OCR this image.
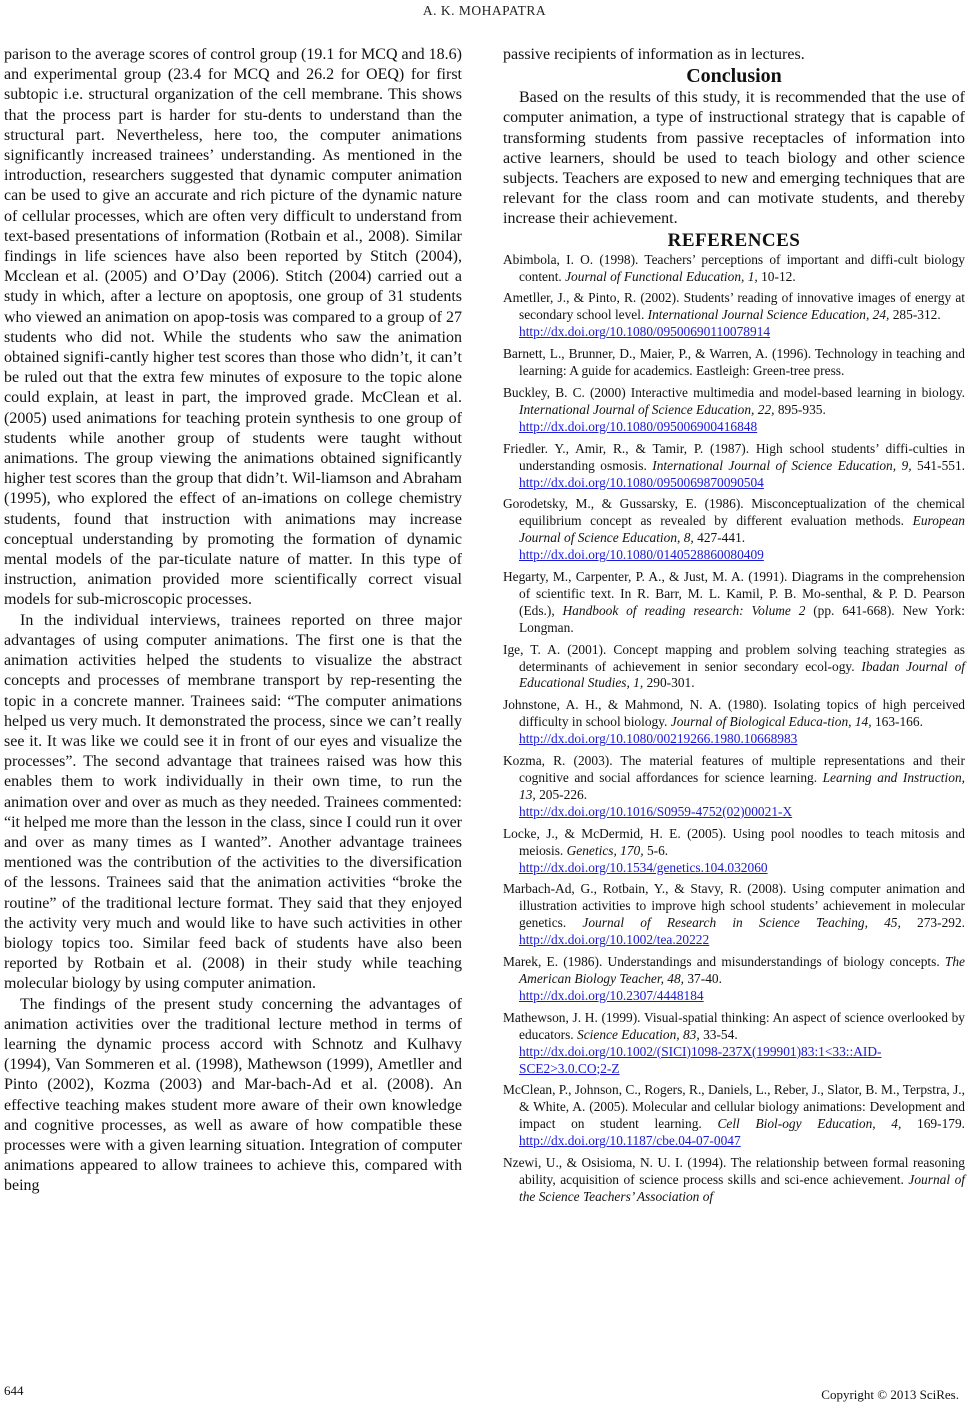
A. K. MOHAPATRA

parison to the average scores of control group (19.1 for MCQ and 18.6) and experimental group (23.4 for MCQ and 26.2 for OEQ) for first subtopic i.e. structural organization of the cell membrane. This shows that the process part is harder for stu-dents to understand than the structural part. Nevertheless, here too, the computer animations significantly increased trainees’ understanding. As mentioned in the introduction, researchers suggested that dynamic computer animation can be used to give an accurate and rich picture of the dynamic nature of cellular processes, which are often very difficult to understand from text-based presentations of information (Rotbain et al., 2008). Similar findings in life sciences have also been reported by Stitch (2004), Mcclean et al. (2005) and O’Day (2006). Stitch (2004) carried out a study in which, after a lecture on apoptosis, one group of 31 students who viewed an animation on apop-tosis was compared to a group of 27 students who did not. While the students who saw the animation obtained signifi-cantly higher test scores than those who didn’t, it can’t be ruled out that the extra few minutes of exposure to the topic alone could explain, at least in part, the improved grade. McClean et al. (2005) used animations for teaching protein synthesis to one group of students while another group of students were taught without animations. The group viewing the animations obtained significantly higher test scores than the group that didn’t. Wil-liamson and Abraham (1995), who explored the effect of an-imations on college chemistry students, found that instruction with animations may increase conceptual understanding by promoting the formation of dynamic mental models of the par-ticulate nature of matter. In this type of instruction, animation provided more scientifically correct visual models for sub-microscopic processes.

In the individual interviews, trainees reported on three major advantages of using computer animations. The first one is that the animation activities helped the students to visualize the abstract concepts and processes of membrane transport by rep-resenting the topic in a concrete manner. Trainees said: “The computer animations helped us very much. It demonstrated the process, since we can’t really see it. It was like we could see it in front of our eyes and visualize the processes”. The second advantage that trainees raised was how this enables them to work individually in their own time, to run the animation over and over as much as they needed. Trainees commented: “it helped me more than the lesson in the class, since I could run it over and over as many times as I wanted”. Another advantage trainees mentioned was the contribution of the activities to the diversification of the lessons. Trainees said that the animation activities “broke the routine” of the traditional lecture format. They said that they enjoyed the activity very much and would like to have such activities in other biology topics too. Similar feed back of students have also been reported by Rotbain et al. (2008) in their study while teaching molecular biology by using computer animation.

The findings of the present study concerning the advantages of animation activities over the traditional lecture method in terms of learning the dynamic process accord with Schnotz and Kulhavy (1994), Van Sommeren et al. (1998), Mathewson (1999), Ametller and Pinto (2002), Kozma (2003) and Mar-bach-Ad et al. (2008). An effective teaching makes student more aware of their own knowledge and cognitive processes, as well as aware of how compatible these processes were with a given learning situation. Integration of computer animations appeared to allow trainees to achieve this, compared with being

passive recipients of information as in lectures.

Conclusion

Based on the results of this study, it is recommended that the use of computer animation, a type of instructional strategy that is capable of transforming students from passive receptacles of information into active learners, should be used to teach biology and other science subjects. Teachers are exposed to new and emerging techniques that are relevant for the class room and can motivate students, and thereby increase their achievement.

REFERENCES
Abimbola, I. O. (1998). Teachers’ perceptions of important and diffi-cult biology content. Journal of Functional Education, 1, 10-12.
Ametller, J., & Pinto, R. (2002). Students’ reading of innovative images of energy at secondary school level. International Journal Science Education, 24, 285-312.
http://dx.doi.org/10.1080/09500690110078914
Barnett, L., Brunner, D., Maier, P., & Warren, A. (1996). Technology in teaching and learning: A guide for academics. Eastleigh: Green-tree press.
Buckley, B. C. (2000) Interactive multimedia and model-based learning in biology. International Journal of Science Education, 22, 895-935.
http://dx.doi.org/10.1080/095006900416848
Friedler. Y., Amir, R., & Tamir, P. (1987). High school students’ diffi-culties in understanding osmosis. International Journal of Science Education, 9, 541-551. http://dx.doi.org/10.1080/0950069870090504
Gorodetsky, M., & Gussarsky, E. (1986). Misconceptualization of the chemical equilibrium concept as revealed by different evaluation methods. European Journal of Science Education, 8, 427-441.
http://dx.doi.org/10.1080/0140528860080409
Hegarty, M., Carpenter, P. A., & Just, M. A. (1991). Diagrams in the comprehension of scientific text. In R. Barr, M. L. Kamil, P. B. Mo-senthal, & P. D. Pearson (Eds.), Handbook of reading research: Volume 2 (pp. 641-668). New York: Longman.
Ige, T. A. (2001). Concept mapping and problem solving teaching strategies as determinants of achievement in senior secondary ecol-ogy. Ibadan Journal of Educational Studies, 1, 290-301.
Johnstone, A. H., & Mahmond, N. A. (1980). Isolating topics of high perceived difficulty in school biology. Journal of Biological Educa-tion, 14, 163-166.
http://dx.doi.org/10.1080/00219266.1980.10668983
Kozma, R. (2003). The material features of multiple representations and their cognitive and social affordances for science learning. Learning and Instruction, 13, 205-226.
http://dx.doi.org/10.1016/S0959-4752(02)00021-X
Locke, J., & McDermid, H. E. (2005). Using pool noodles to teach mitosis and meiosis. Genetics, 170, 5-6.
http://dx.doi.org/10.1534/genetics.104.032060
Marbach-Ad, G., Rotbain, Y., & Stavy, R. (2008). Using computer animation and illustration activities to improve high school students’ achievement in molecular genetics. Journal of Research in Science Teaching, 45, 273-292. http://dx.doi.org/10.1002/tea.20222
Marek, E. (1986). Understandings and misunderstandings of biology concepts. The American Biology Teacher, 48, 37-40.
http://dx.doi.org/10.2307/4448184
Mathewson, J. H. (1999). Visual-spatial thinking: An aspect of science overlooked by educators. Science Education, 83, 33-54.
http://dx.doi.org/10.1002/(SICI)1098-237X(199901)83:1<33::AID-SCE2>3.0.CO;2-Z
McClean, P., Johnson, C., Rogers, R., Daniels, L., Reber, J., Slator, B. M., Terpstra, J., & White, A. (2005). Molecular and cellular biology animations: Development and impact on student learning. Cell Biol-ogy Education, 4, 169-179. http://dx.doi.org/10.1187/cbe.04-07-0047
Nzewi, U., & Osisioma, N. U. I. (1994). The relationship between formal reasoning ability, acquisition of science process skills and sci-ence achievement. Journal of the Science Teachers’ Association of
644	Copyright © 2013 SciRes.
